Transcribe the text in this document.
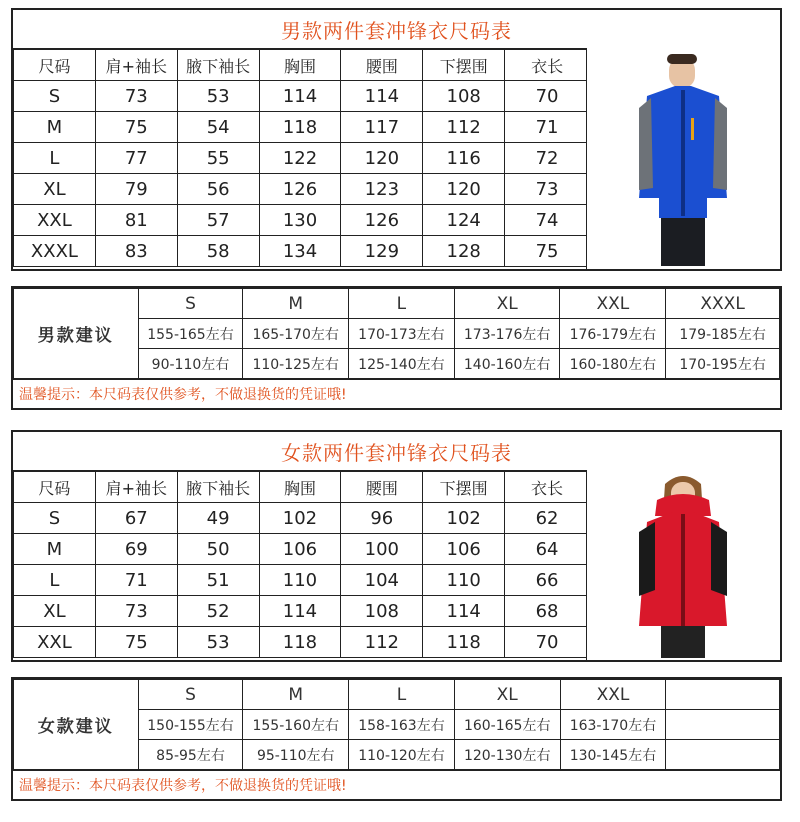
男款两件套冲锋衣尺码表
尺码	肩+袖长	腋下袖长	胸围	腰围	下摆围	衣长
S	73	53	114	114	108	70
M	75	54	118	117	112	71
L	77	55	122	120	116	72
XL	79	56	126	123	120	73
XXL	81	57	130	126	124	74
XXXL	83	58	134	129	128	75
男款建议	S	M	L	XL	XXL	XXXL
	155-165左右	165-170左右	170-173左右	173-176左右	176-179左右	179-185左右
	90-110左右	110-125左右	125-140左右	140-160左右	160-180左右	170-195左右
温馨提示：本尺码表仅供参考，不做退换货的凭证哦!
女款两件套冲锋衣尺码表
尺码	肩+袖长	腋下袖长	胸围	腰围	下摆围	衣长
S	67	49	102	96	102	62
M	69	50	106	100	106	64
L	71	51	110	104	110	66
XL	73	52	114	108	114	68
XXL	75	53	118	112	118	70
女款建议	S	M	L	XL	XXL	
	150-155左右	155-160左右	158-163左右	160-165左右	163-170左右	
	85-95左右	95-110左右	110-120左右	120-130左右	130-145左右	
温馨提示：本尺码表仅供参考，不做退换货的凭证哦!
